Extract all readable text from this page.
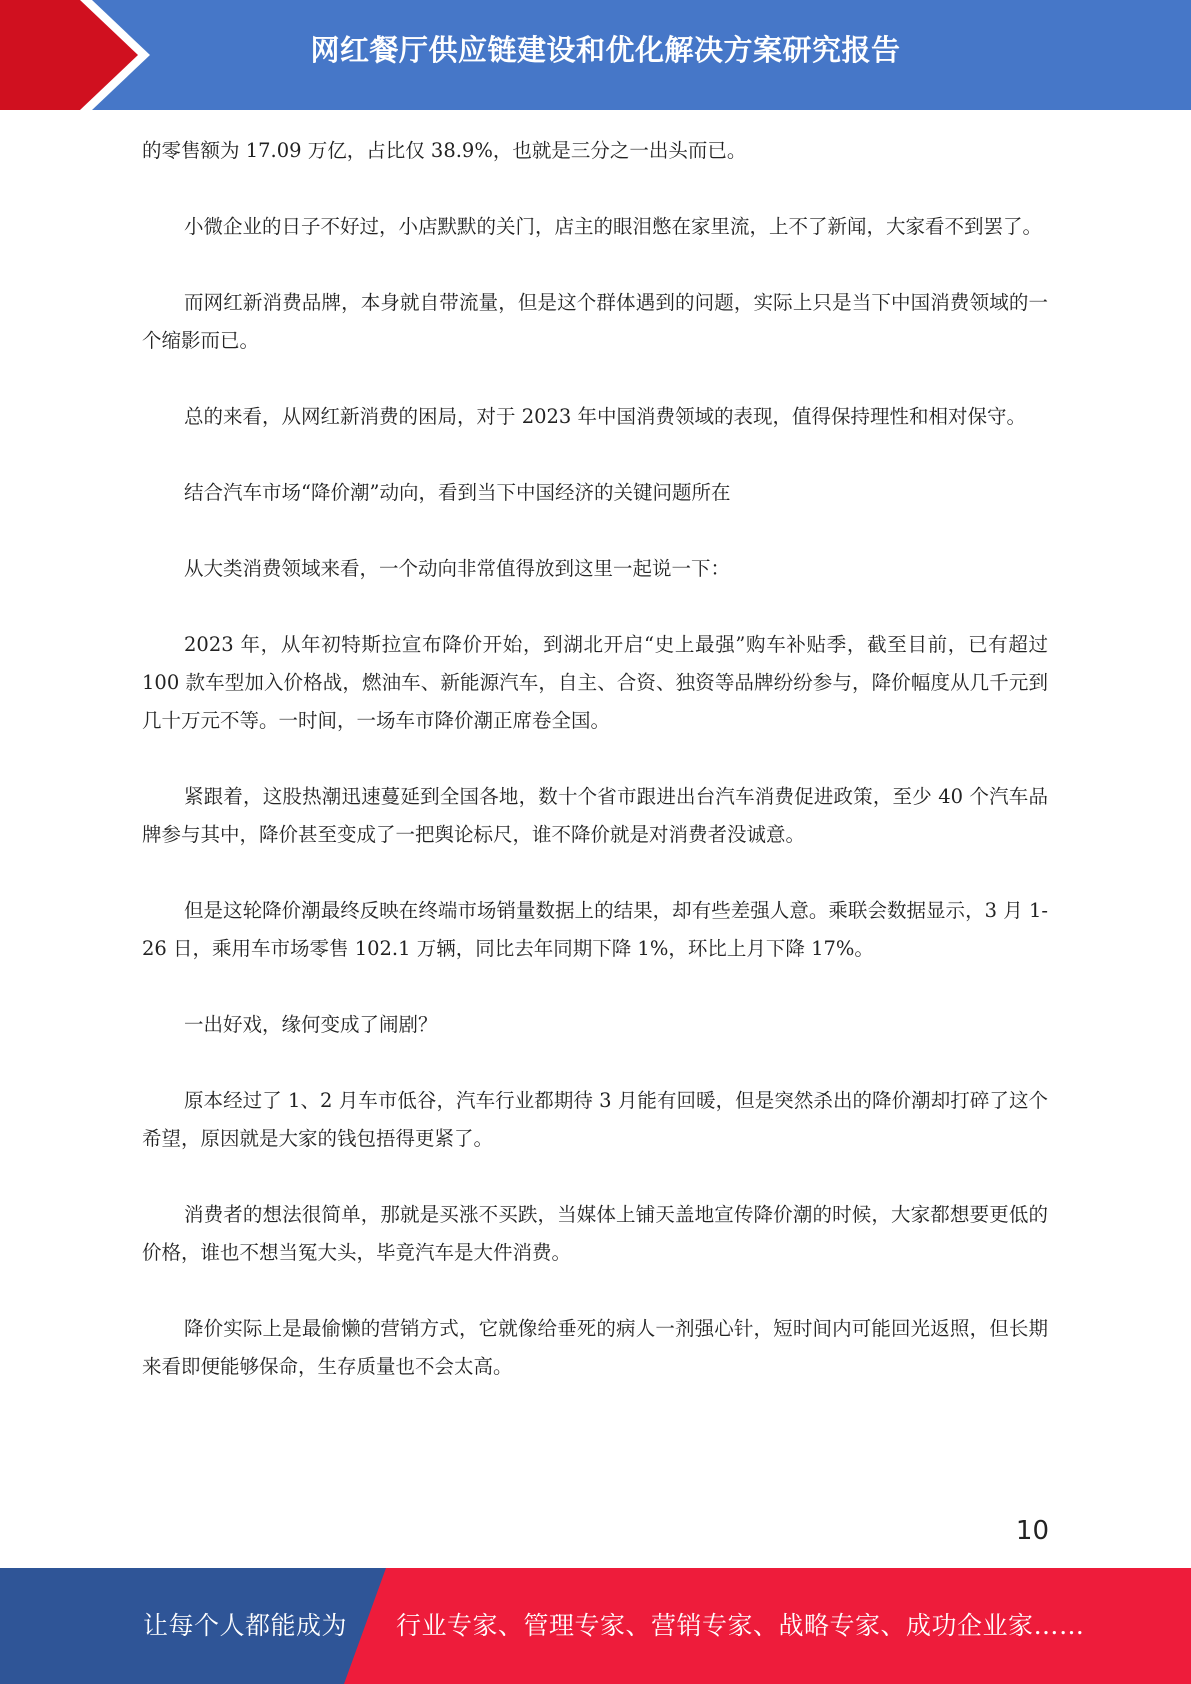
网红餐厅供应链建设和优化解决方案研究报告

的零售额为 17.09 万亿，占比仅 38.9%，也就是三分之一出头而已。

小微企业的日子不好过，小店默默的关门，店主的眼泪憋在家里流，上不了新闻，大家看不到罢了。

而网红新消费品牌，本身就自带流量，但是这个群体遇到的问题，实际上只是当下中国消费领域的一个缩影而已。

总的来看，从网红新消费的困局，对于 2023 年中国消费领域的表现，值得保持理性和相对保守。

结合汽车市场“降价潮”动向，看到当下中国经济的关键问题所在

从大类消费领域来看，一个动向非常值得放到这里一起说一下：

2023 年，从年初特斯拉宣布降价开始，到湖北开启“史上最强”购车补贴季，截至目前，已有超过 100 款车型加入价格战，燃油车、新能源汽车，自主、合资、独资等品牌纷纷参与，降价幅度从几千元到几十万元不等。一时间，一场车市降价潮正席卷全国。

紧跟着，这股热潮迅速蔓延到全国各地，数十个省市跟进出台汽车消费促进政策，至少 40 个汽车品牌参与其中，降价甚至变成了一把舆论标尺，谁不降价就是对消费者没诚意。

但是这轮降价潮最终反映在终端市场销量数据上的结果，却有些差强人意。乘联会数据显示，3 月 1-26 日，乘用车市场零售 102.1 万辆，同比去年同期下降 1%，环比上月下降 17%。

一出好戏，缘何变成了闹剧？

原本经过了 1、2 月车市低谷，汽车行业都期待 3 月能有回暖，但是突然杀出的降价潮却打碎了这个希望，原因就是大家的钱包捂得更紧了。

消费者的想法很简单，那就是买涨不买跌，当媒体上铺天盖地宣传降价潮的时候，大家都想要更低的价格，谁也不想当冤大头，毕竟汽车是大件消费。

降价实际上是最偷懒的营销方式，它就像给垂死的病人一剂强心针，短时间内可能回光返照，但长期来看即便能够保命，生存质量也不会太高。

10
让每个人都能成为 行业专家、管理专家、营销专家、战略专家、成功企业家……
